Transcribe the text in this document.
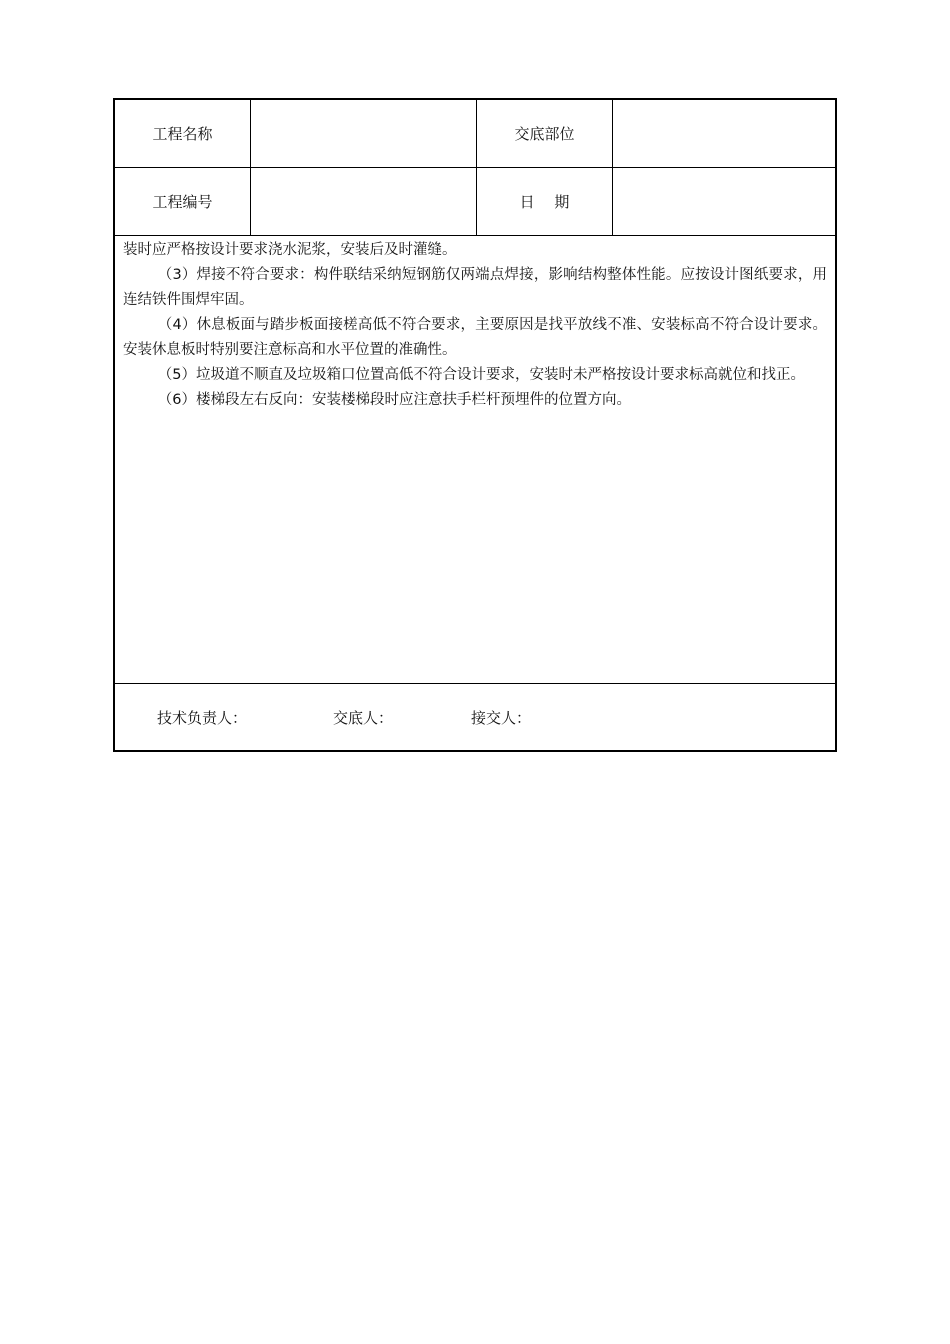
工程名称	交底部位
工程编号	日　 期

装时应严格按设计要求浇水泥浆，安装后及时灌缝。

（3）焊接不符合要求：构件联结采纳短钢筋仅两端点焊接，影响结构整体性能。应按设计图纸要求，用连结铁件围焊牢固。

（4）休息板面与踏步板面接槎高低不符合要求，主要原因是找平放线不准、安装标高不符合设计要求。安装休息板时特别要注意标高和水平位置的准确性。

（5）垃圾道不顺直及垃圾箱口位置高低不符合设计要求，安装时未严格按设计要求标高就位和找正。

（6）楼梯段左右反向：安装楼梯段时应注意扶手栏杆预埋件的位置方向。

技术负责人：	交底人：	接交人：
